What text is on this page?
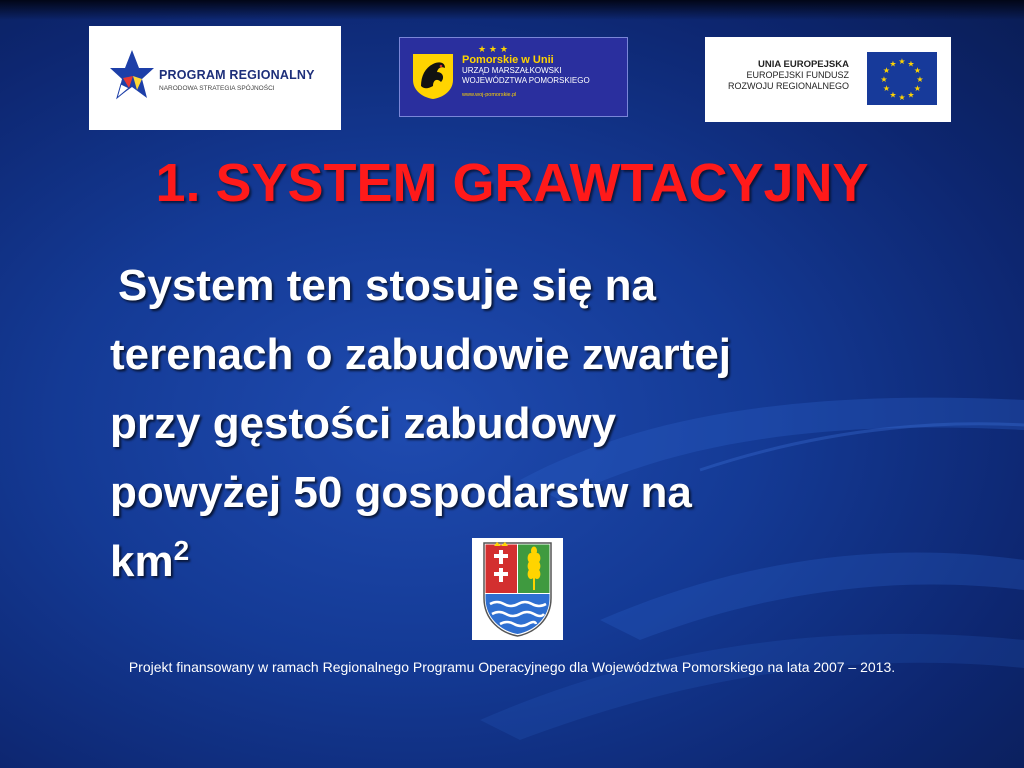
PROGRAM REGIONALNY
NARODOWA STRATEGIA SPÓJNOŚCI
★ ★ ★
Pomorskie w Unii
URZĄD MARSZAŁKOWSKI
WOJEWÓDZTWA POMORSKIEGO
www.woj-pomorskie.pl
UNIA EUROPEJSKA
EUROPEJSKI FUNDUSZ
ROZWOJU REGIONALNEGO
★ ★
★
★
★
★
★
★
★
★
★
★
1. SYSTEM GRAWTACYJNY
System ten stosuje się na
terenach o zabudowie zwartej
przy gęstości zabudowy
powyżej 50 gospodarstw na
$km^2$
Projekt finansowany w ramach Regionalnego Programu Operacyjnego dla Województwa Pomorskiego na lata 2007 – 2013.
